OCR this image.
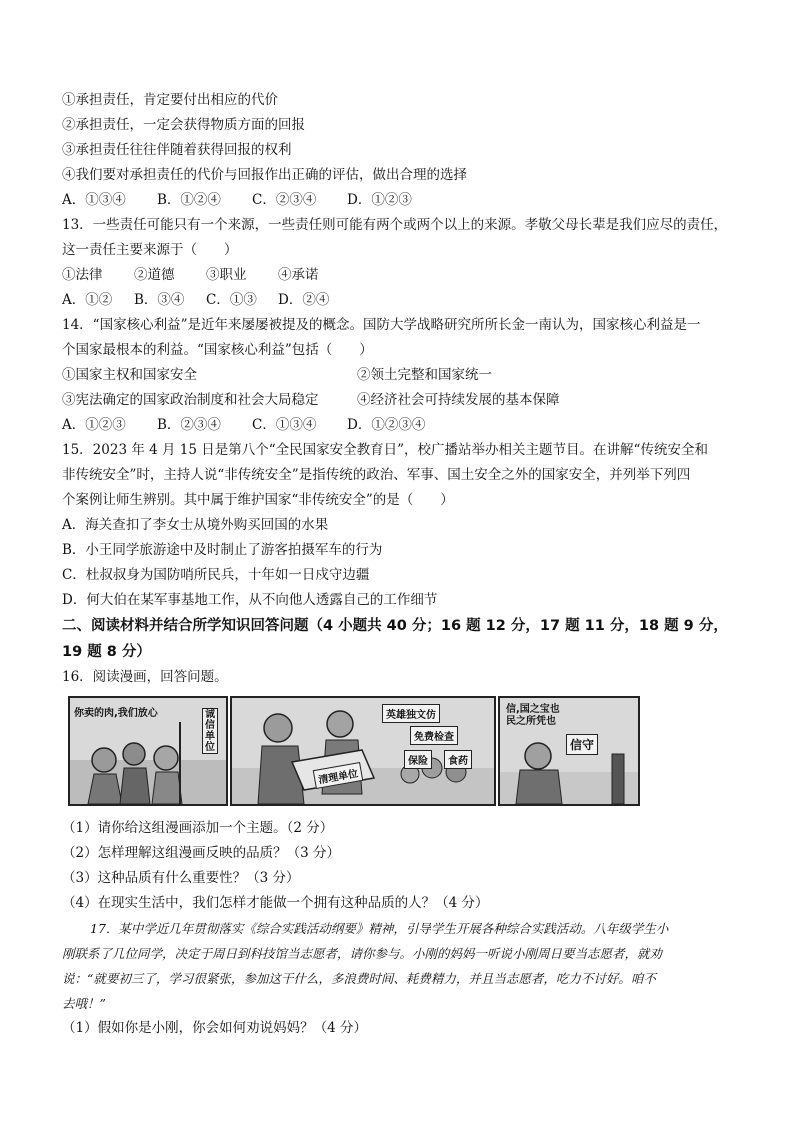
①承担责任，肯定要付出相应的代价
②承担责任，一定会获得物质方面的回报
③承担责任往往伴随着获得回报的权利
④我们要对承担责任的代价与回报作出正确的评估，做出合理的选择
A．①③④ B．①②④ C．②③④ D．①②③
13．一些责任可能只有一个来源，一些责任则可能有两个或两个以上的来源。孝敬父母长辈是我们应尽的责任，
这一责任主要来源于（　　）
①法律 ②道德 ③职业 ④承诺
A．①② B．③④ C．①③ D．②④
14．“国家核心利益”是近年来屡屡被提及的概念。国防大学战略研究所所长金一南认为，国家核心利益是一
个国家最根本的利益。“国家核心利益”包括（　　）
①国家主权和国家安全	②领土完整和国家统一
③宪法确定的国家政治制度和社会大局稳定	④经济社会可持续发展的基本保障
A．①②③ B．②③④ C．①③④ D．①②③④
15．2023 年 4 月 15 日是第八个“全民国家安全教育日”，校广播站举办相关主题节目。在讲解“传统安全和
非传统安全”时，主持人说“非传统安全”是指传统的政治、军事、国土安全之外的国家安全，并列举下列四
个案例让师生辨别。其中属于维护国家“非传统安全”的是（　　）
A．海关查扣了李女士从境外购买回国的水果
B．小王同学旅游途中及时制止了游客拍摄军车的行为
C．杜叔叔身为国防哨所民兵，十年如一日戍守边疆
D．何大伯在某军事基地工作，从不向他人透露自己的工作细节
二、阅读材料并结合所学知识回答问题（4 小题共 40 分；16 题 12 分，17 题 11 分，18 题 9 分，
19 题 8 分）
16．阅读漫画，回答问题。
你卖的肉,我们放心	诚信单位
英雄独文仿
免费检查
清理单位
保险	食药
信,国之宝也
民之所凭也
信守
（1）请你给这组漫画添加一个主题。（2 分）
（2）怎样理解这组漫画反映的品质？（3 分）
（3）这种品质有什么重要性？（3 分）
（4）在现实生活中，我们怎样才能做一个拥有这种品质的人？（4 分）
17．某中学近几年贯彻落实《综合实践活动纲要》精神，引导学生开展各种综合实践活动。八年级学生小
刚联系了几位同学，决定于周日到科技馆当志愿者，请你参与。小刚的妈妈一听说小刚周日要当志愿者，就劝
说：“就要初三了，学习很紧张，参加这干什么，多浪费时间、耗费精力，并且当志愿者，吃力不讨好。咱不
去哦！”
（1）假如你是小刚，你会如何劝说妈妈？（4 分）
